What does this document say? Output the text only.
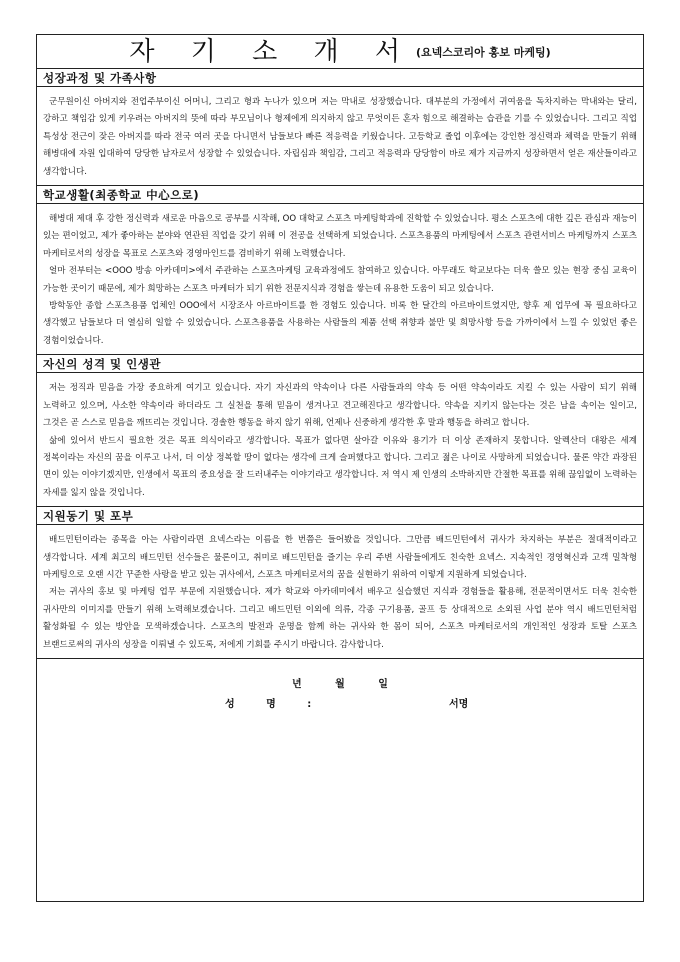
자 기 소 개 서 (요넥스코리아 홍보 마케팅)
성장과정 및 가족사항

군무원이신 아버지와 전업주부이신 어머니, 그리고 형과 누나가 있으며 저는 막내로 성장했습니다. 대부분의 가정에서 귀여움을 독차지하는 막내와는 달리, 강하고 책임감 있게 키우려는 아버지의 뜻에 따라 부모님이나 형제에게 의지하지 않고 무엇이든 혼자 힘으로 해결하는 습관을 기를 수 있었습니다. 그리고 직업 특성상 전근이 잦은 아버지를 따라 전국 여러 곳을 다니면서 남들보다 빠른 적응력을 키웠습니다. 고등학교 졸업 이후에는 강인한 정신력과 체력을 만들기 위해 해병대에 자원 입대하여 당당한 남자로서 성장할 수 있었습니다. 자립심과 책임감, 그리고 적응력과 당당함이 바로 제가 지금까지 성장하면서 얻은 재산들이라고 생각합니다.

학교생활(최종학교 中心으로)

해병대 제대 후 강한 정신력과 새로운 마음으로 공부를 시작해, OO 대학교 스포츠 마케팅학과에 진학할 수 있었습니다. 평소 스포츠에 대한 깊은 관심과 재능이 있는 편이었고, 제가 좋아하는 분야와 연관된 직업을 갖기 위해 이 전공을 선택하게 되었습니다. 스포츠용품의 마케팅에서 스포츠 관련서비스 마케팅까지 스포츠 마케터로서의 성장을 목표로 스포츠와 경영마인드를 겸비하기 위해 노력했습니다.

얼마 전부터는 <OOO 방송 아카데미>에서 주관하는 스포츠마케팅 교육과정에도 참여하고 있습니다. 아무래도 학교보다는 더욱 쓸모 있는 현장 중심 교육이 가능한 곳이기 때문에, 제가 희망하는 스포츠 마케터가 되기 위한 전문지식과 경험을 쌓는데 유용한 도움이 되고 있습니다.

방학동안 종합 스포츠용품 업체인 OOO에서 시장조사 아르바이트를 한 경험도 있습니다. 비록 한 달간의 아르바이트였지만, 향후 제 업무에 꼭 필요하다고 생각했고 남들보다 더 열심히 일할 수 있었습니다. 스포츠용품을 사용하는 사람들의 제품 선택 취향과 불만 및 희망사항 등을 가까이에서 느낄 수 있었던 좋은 경험이었습니다.

자신의 성격 및 인생관

저는 정직과 믿음을 가장 중요하게 여기고 있습니다. 자기 자신과의 약속이나 다른 사람들과의 약속 등 어떤 약속이라도 지킬 수 있는 사람이 되기 위해 노력하고 있으며, 사소한 약속이라 하더라도 그 실천을 통해 믿음이 생겨나고 견고해진다고 생각합니다. 약속을 지키지 않는다는 것은 남을 속이는 일이고, 그것은 곧 스스로 믿음을 깨뜨리는 것입니다. 경솔한 행동을 하지 않기 위해, 언제나 신중하게 생각한 후 말과 행동을 하려고 합니다.

삶에 있어서 반드시 필요한 것은 목표 의식이라고 생각합니다. 목표가 없다면 살아갈 이유와 용기가 더 이상 존재하지 못합니다. 알렉산더 대왕은 세계 정복이라는 자신의 꿈을 이루고 나서, 더 이상 정복할 땅이 없다는 생각에 크게 슬퍼했다고 합니다. 그리고 젊은 나이로 사망하게 되었습니다. 물론 약간 과장된 면이 있는 이야기겠지만, 인생에서 목표의 중요성을 잘 드러내주는 이야기라고 생각합니다. 저 역시 제 인생의 소박하지만 간절한 목표를 위해 끊임없이 노력하는 자세를 잃지 않을 것입니다.

지원동기 및 포부

배드민턴이라는 종목을 아는 사람이라면 요넥스라는 이름을 한 번쯤은 들어봤을 것입니다. 그만큼 배드민턴에서 귀사가 차지하는 부분은 절대적이라고 생각합니다. 세계 최고의 배드민턴 선수들은 물론이고, 취미로 배드민턴을 즐기는 우리 주변 사람들에게도 친숙한 요넥스. 지속적인 경영혁신과 고객 밀착형 마케팅으로 오랜 시간 꾸준한 사랑을 받고 있는 귀사에서, 스포츠 마케터로서의 꿈을 실현하기 위하여 이렇게 지원하게 되었습니다.

저는 귀사의 홍보 및 마케팅 업무 부문에 지원했습니다. 제가 학교와 아카데미에서 배우고 실습했던 지식과 경험들을 활용해, 전문적이면서도 더욱 친숙한 귀사만의 이미지를 만들기 위해 노력해보겠습니다. 그리고 배드민턴 이외에 의류, 각종 구기용품, 골프 등 상대적으로 소외된 사업 분야 역시 배드민턴처럼 활성화될 수 있는 방안을 모색하겠습니다. 스포츠의 발전과 운명을 함께 하는 귀사와 한 몸이 되어, 스포츠 마케터로서의 개인적인 성장과 토탈 스포츠 브랜드로써의 귀사의 성장을 이뤄낼 수 있도록, 저에게 기회를 주시기 바랍니다. 감사합니다.

년 월 일
성 명 :	서명
